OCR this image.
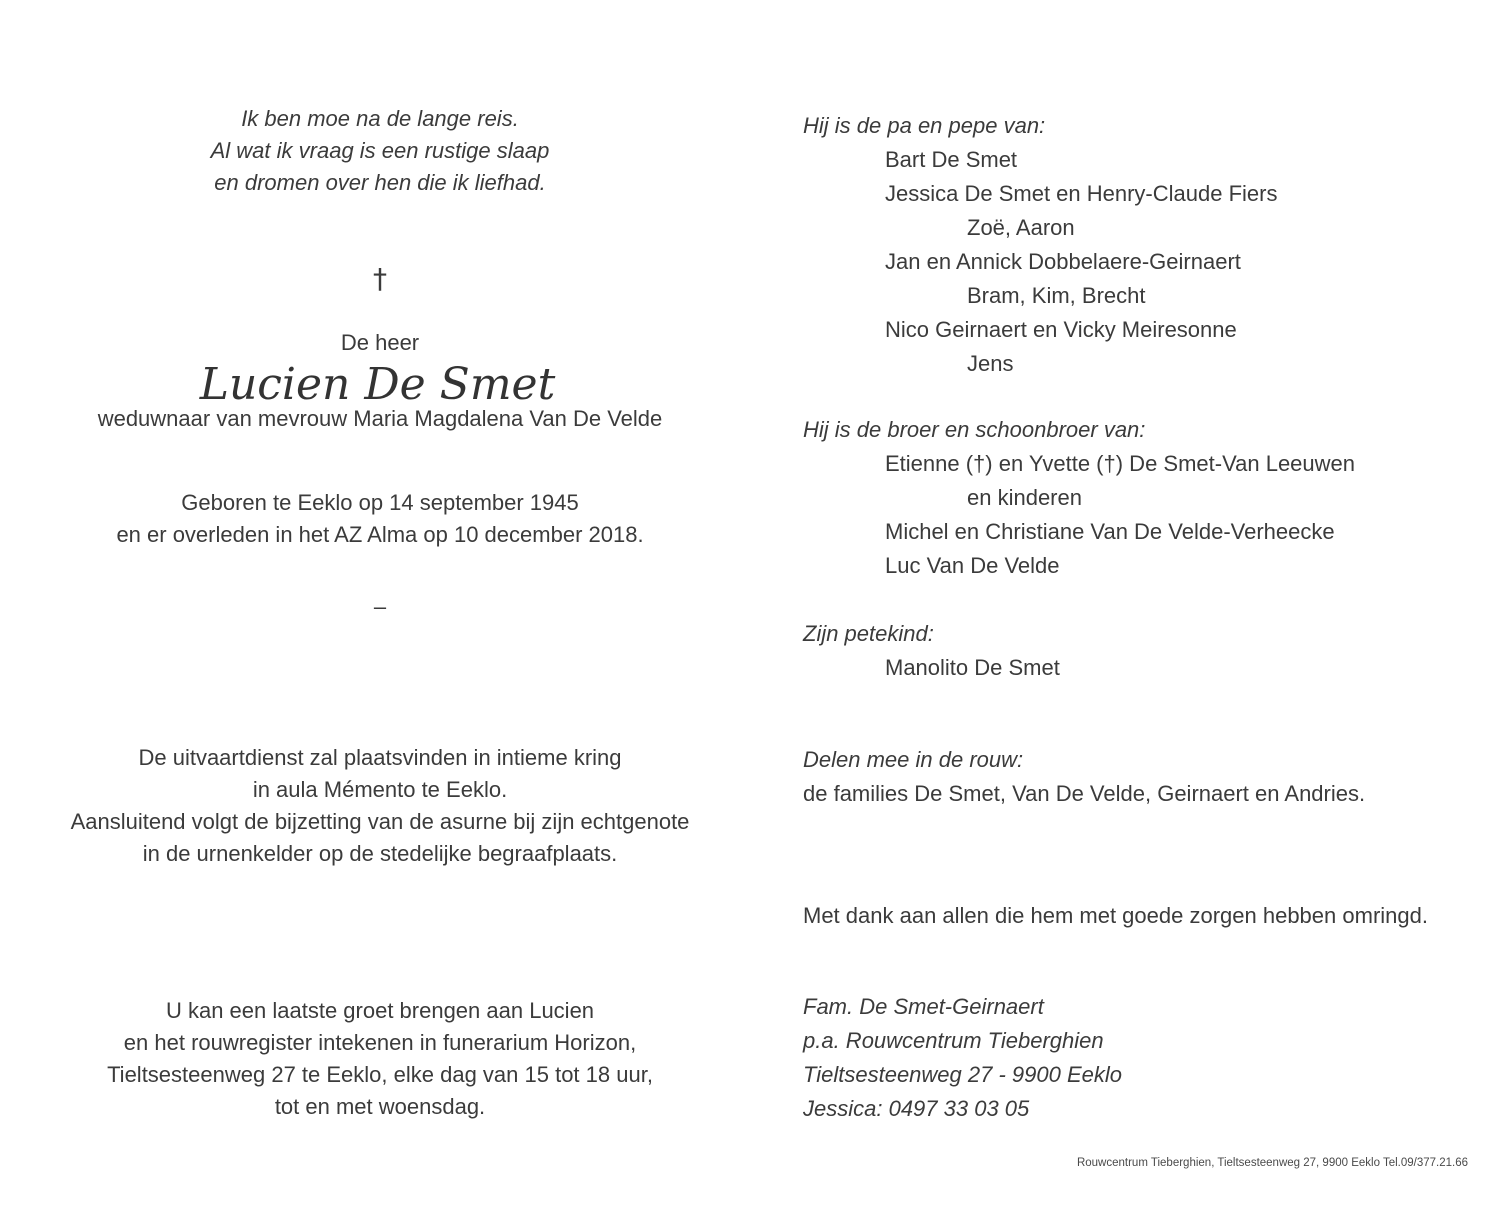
Ik ben moe na de lange reis.
Al wat ik vraag is een rustige slaap
en dromen over hen die ik liefhad.
†
De heer
Lucien De Smet
weduwnaar van mevrouw Maria Magdalena Van De Velde
Geboren te Eeklo op 14 september 1945
en er overleden in het AZ Alma op 10 december 2018.
–
De uitvaartdienst zal plaatsvinden in intieme kring
in aula Mémento te Eeklo.
Aansluitend volgt de bijzetting van de asurne bij zijn echtgenote
in de urnenkelder op de stedelijke begraafplaats.
U kan een laatste groet brengen aan Lucien
en het rouwregister intekenen in funerarium Horizon,
Tieltsesteenweg 27 te Eeklo, elke dag van 15 tot 18 uur,
tot en met woensdag.
Hij is de pa en pepe van:
Bart De Smet
Jessica De Smet en Henry-Claude Fiers
Zoë, Aaron
Jan en Annick Dobbelaere-Geirnaert
Bram, Kim, Brecht
Nico Geirnaert en Vicky Meiresonne
Jens
Hij is de broer en schoonbroer van:
Etienne (†) en Yvette (†) De Smet-Van Leeuwen
en kinderen
Michel en Christiane Van De Velde-Verheecke
Luc Van De Velde
Zijn petekind:
Manolito De Smet
Delen mee in de rouw:
de families De Smet, Van De Velde, Geirnaert en Andries.
Met dank aan allen die hem met goede zorgen hebben omringd.
Fam. De Smet-Geirnaert
p.a. Rouwcentrum Tieberghien
Tieltsesteenweg 27 - 9900 Eeklo
Jessica: 0497 33 03 05
Rouwcentrum Tieberghien, Tieltsesteenweg 27, 9900 Eeklo Tel.09/377.21.66
